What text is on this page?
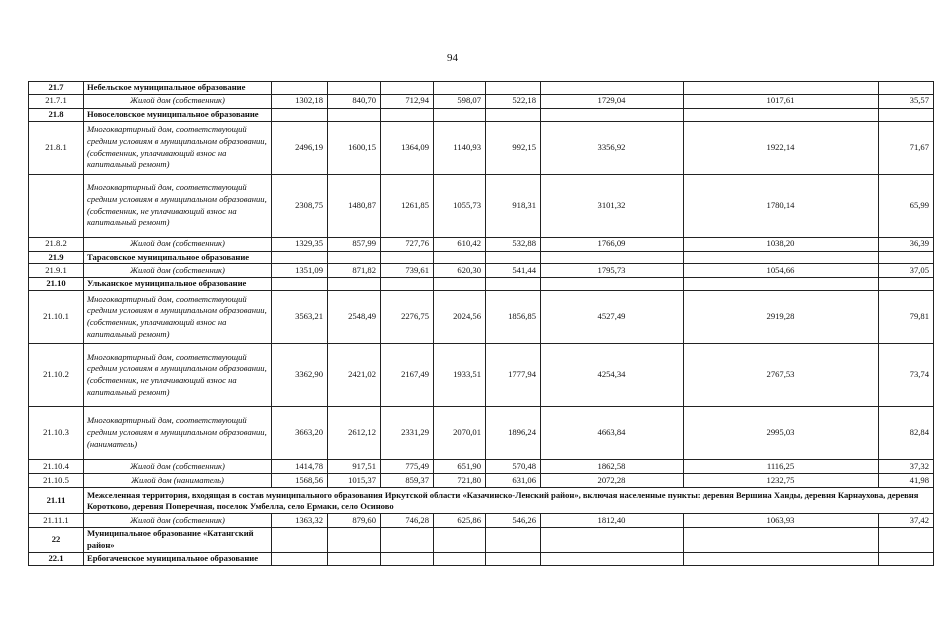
94
21.7	Небельское муниципальное образование								
21.7.1	Жилой дом (собственник)	1302,18	840,70	712,94	598,07	522,18	1729,04	1017,61	35,57
21.8	Новоселовское муниципальное образование								
21.8.1	Многоквартирный дом, соответствующий средним условиям в муниципальном образовании, (собственник, уплачивающий взнос на капитальный ремонт)	2496,19	1600,15	1364,09	1140,93	992,15	3356,92	1922,14	71,67

	Многоквартирный дом, соответствующий средним условиям в муниципальном образовании, (собственник, не уплачивающий взнос на капитальный ремонт)	2308,75	1480,87	1261,85	1055,73	918,31	3101,32	1780,14	65,99
21.8.2	Жилой дом (собственник)	1329,35	857,99	727,76	610,42	532,88	1766,09	1038,20	36,39
21.9	Тарасовское муниципальное образование								
21.9.1	Жилой дом (собственник)	1351,09	871,82	739,61	620,30	541,44	1795,73	1054,66	37,05
21.10	Ульканское муниципальное образование								
21.10.1	Многоквартирный дом, соответствующий средним условиям в муниципальном образовании, (собственник, уплачивающий взнос на капитальный ремонт)	3563,21	2548,49	2276,75	2024,56	1856,85	4527,49	2919,28	79,81
21.10.2	Многоквартирный дом, соответствующий средним условиям в муниципальном образовании, (собственник, не уплачивающий взнос на капитальный ремонт)	3362,90	2421,02	2167,49	1933,51	1777,94	4254,34	2767,53	73,74
21.10.3	Многоквартирный дом, соответствующий средним условиям в муниципальном образовании, (наниматель)	3663,20	2612,12	2331,29	2070,01	1896,24	4663,84	2995,03	82,84
21.10.4	Жилой дом (собственник)	1414,78	917,51	775,49	651,90	570,48	1862,58	1116,25	37,32
21.10.5	Жилой дом (наниматель)	1568,56	1015,37	859,37	721,80	631,06	2072,28	1232,75	41,98
21.11	Межселенная территория, входящая в состав муниципального образования Иркутской области «Казачинско-Ленский район», включая населенные пункты: деревня Вершина Ханды, деревня Карнаухова, деревня Коротково, деревня Поперечная, поселок Умбелла, село Ермаки, село Осиново								
21.11.1	Жилой дом (собственник)	1363,32	879,60	746,28	625,86	546,26	1812,40	1063,93	37,42
22	Муниципальное образование «Катангский район»								
22.1	Ербогаченское муниципальное образование								
